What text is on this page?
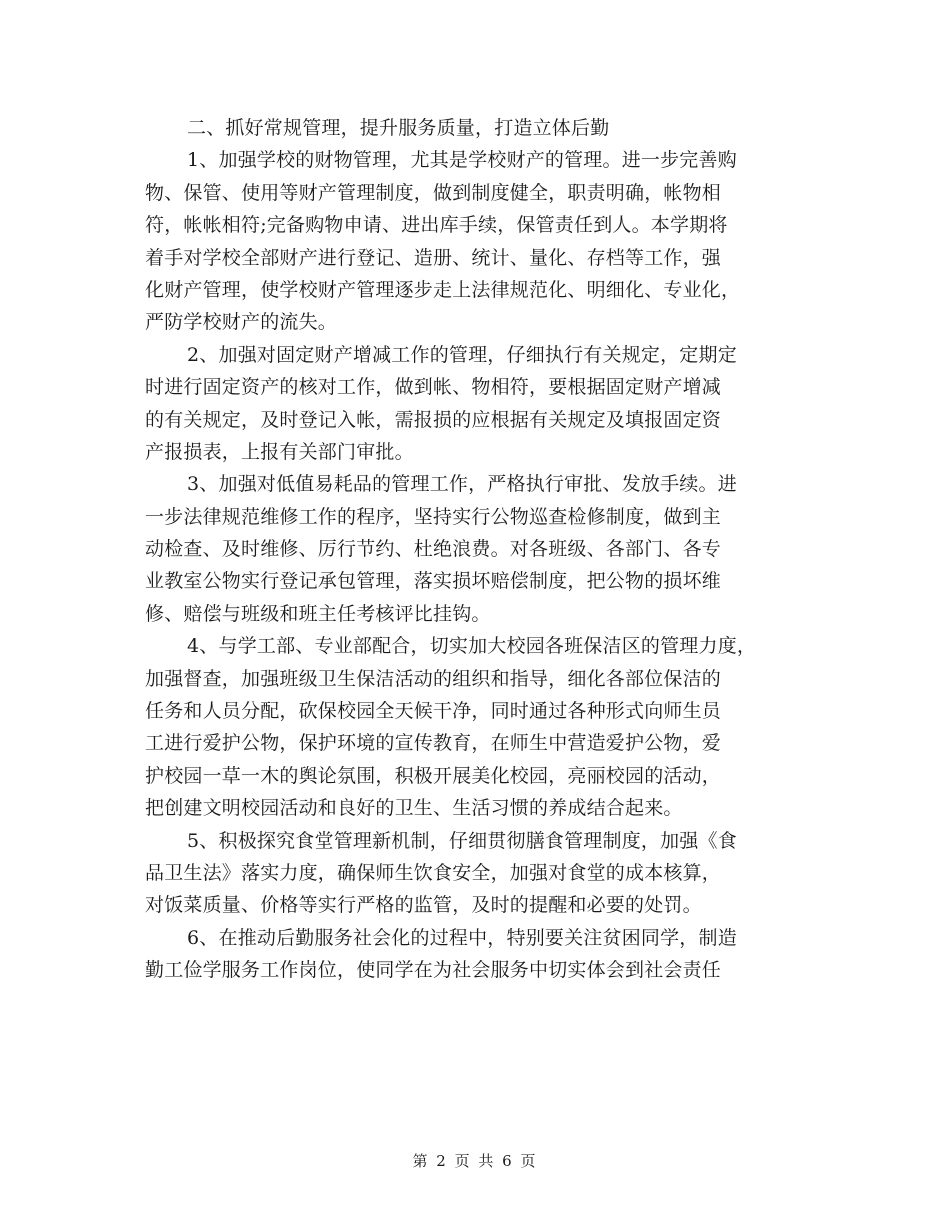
二、抓好常规管理，提升服务质量，打造立体后勤
1、加强学校的财物管理，尤其是学校财产的管理。进一步完善购
物、保管、使用等财产管理制度，做到制度健全，职责明确，帐物相
符，帐帐相符;完备购物申请、进出库手续，保管责任到人。本学期将
着手对学校全部财产进行登记、造册、统计、量化、存档等工作，强
化财产管理，使学校财产管理逐步走上法律规范化、明细化、专业化，
严防学校财产的流失。
2、加强对固定财产增减工作的管理，仔细执行有关规定，定期定
时进行固定资产的核对工作，做到帐、物相符，要根据固定财产增减
的有关规定，及时登记入帐，需报损的应根据有关规定及填报固定资
产报损表，上报有关部门审批。
3、加强对低值易耗品的管理工作，严格执行审批、发放手续。进
一步法律规范维修工作的程序，坚持实行公物巡查检修制度，做到主
动检查、及时维修、厉行节约、杜绝浪费。对各班级、各部门、各专
业教室公物实行登记承包管理，落实损坏赔偿制度，把公物的损坏维
修、赔偿与班级和班主任考核评比挂钩。
4、与学工部、专业部配合，切实加大校园各班保洁区的管理力度，
加强督查，加强班级卫生保洁活动的组织和指导，细化各部位保洁的
任务和人员分配，砍保校园全天候干净，同时通过各种形式向师生员
工进行爱护公物，保护环境的宣传教育，在师生中营造爱护公物，爱
护校园一草一木的舆论氛围，积极开展美化校园，亮丽校园的活动，
把创建文明校园活动和良好的卫生、生活习惯的养成结合起来。
5、积极探究食堂管理新机制，仔细贯彻膳食管理制度，加强《食
品卫生法》落实力度，确保师生饮食安全，加强对食堂的成本核算，
对饭菜质量、价格等实行严格的监管，及时的提醒和必要的处罚。
6、在推动后勤服务社会化的过程中，特别要关注贫困同学，制造
勤工俭学服务工作岗位，使同学在为社会服务中切实体会到社会责任
第 2 页 共 6 页
